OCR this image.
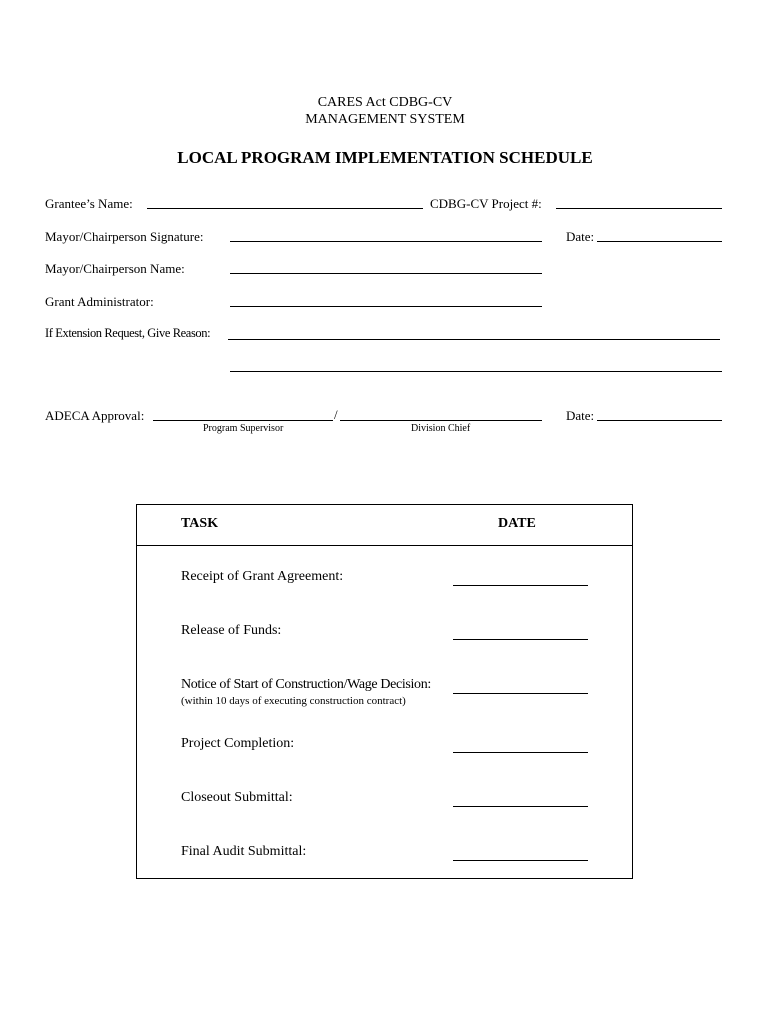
CARES Act CDBG-CV
MANAGEMENT SYSTEM
LOCAL PROGRAM IMPLEMENTATION SCHEDULE
Grantee’s Name:	CDBG-CV Project #:
Mayor/Chairperson Signature:	Date:
Mayor/Chairperson Name:
Grant Administrator:
If Extension Request, Give Reason:
ADECA Approval:	/	Date:
Program Supervisor	Division Chief
TASK	DATE
Receipt of Grant Agreement:
Release of Funds:
Notice of Start of Construction/Wage Decision:
(within 10 days of executing construction contract)
Project Completion:
Closeout Submittal:
Final Audit Submittal:
